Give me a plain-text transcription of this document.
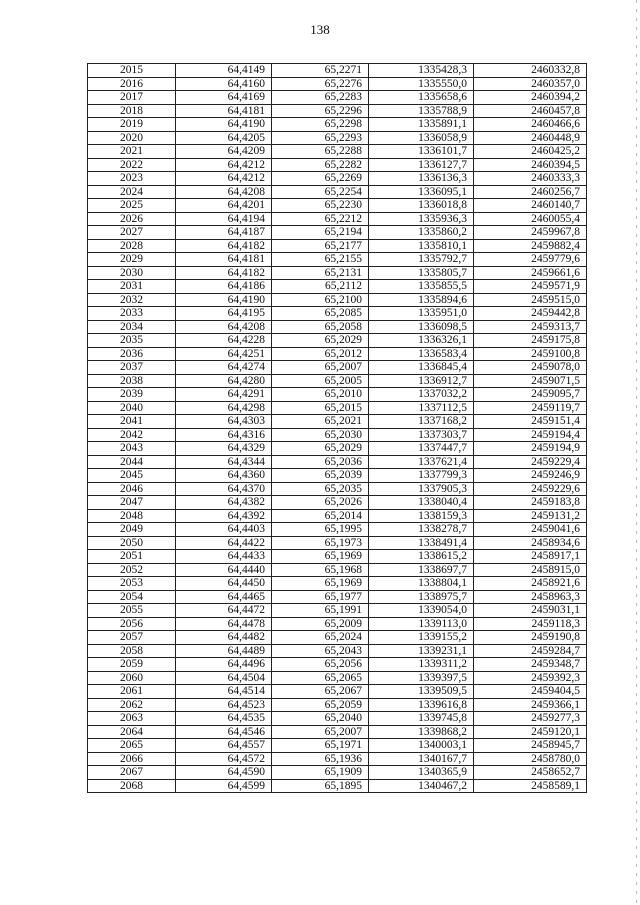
138
2015	64,4149	65,2271	1335428,3	2460332,8
2016	64,4160	65,2276	1335550,0	2460357,0
2017	64,4169	65,2283	1335658,6	2460394,2
2018	64,4181	65,2296	1335788,9	2460457,8
2019	64,4190	65,2298	1335891,1	2460466,6
2020	64,4205	65,2293	1336058,9	2460448,9
2021	64,4209	65,2288	1336101,7	2460425,2
2022	64,4212	65,2282	1336127,7	2460394,5
2023	64,4212	65,2269	1336136,3	2460333,3
2024	64,4208	65,2254	1336095,1	2460256,7
2025	64,4201	65,2230	1336018,8	2460140,7
2026	64,4194	65,2212	1335936,3	2460055,4
2027	64,4187	65,2194	1335860,2	2459967,8
2028	64,4182	65,2177	1335810,1	2459882,4
2029	64,4181	65,2155	1335792,7	2459779,6
2030	64,4182	65,2131	1335805,7	2459661,6
2031	64,4186	65,2112	1335855,5	2459571,9
2032	64,4190	65,2100	1335894,6	2459515,0
2033	64,4195	65,2085	1335951,0	2459442,8
2034	64,4208	65,2058	1336098,5	2459313,7
2035	64,4228	65,2029	1336326,1	2459175,8
2036	64,4251	65,2012	1336583,4	2459100,8
2037	64,4274	65,2007	1336845,4	2459078,0
2038	64,4280	65,2005	1336912,7	2459071,5
2039	64,4291	65,2010	1337032,2	2459095,7
2040	64,4298	65,2015	1337112,5	2459119,7
2041	64,4303	65,2021	1337168,2	2459151,4
2042	64,4316	65,2030	1337303,7	2459194,4
2043	64,4329	65,2029	1337447,7	2459194,9
2044	64,4344	65,2036	1337621,4	2459229,4
2045	64,4360	65,2039	1337799,3	2459246,9
2046	64,4370	65,2035	1337905,3	2459229,6
2047	64,4382	65,2026	1338040,4	2459183,8
2048	64,4392	65,2014	1338159,3	2459131,2
2049	64,4403	65,1995	1338278,7	2459041,6
2050	64,4422	65,1973	1338491,4	2458934,6
2051	64,4433	65,1969	1338615,2	2458917,1
2052	64,4440	65,1968	1338697,7	2458915,0
2053	64,4450	65,1969	1338804,1	2458921,6
2054	64,4465	65,1977	1338975,7	2458963,3
2055	64,4472	65,1991	1339054,0	2459031,1
2056	64,4478	65,2009	1339113,0	2459118,3
2057	64,4482	65,2024	1339155,2	2459190,8
2058	64,4489	65,2043	1339231,1	2459284,7
2059	64,4496	65,2056	1339311,2	2459348,7
2060	64,4504	65,2065	1339397,5	2459392,3
2061	64,4514	65,2067	1339509,5	2459404,5
2062	64,4523	65,2059	1339616,8	2459366,1
2063	64,4535	65,2040	1339745,8	2459277,3
2064	64,4546	65,2007	1339868,2	2459120,1
2065	64,4557	65,1971	1340003,1	2458945,7
2066	64,4572	65,1936	1340167,7	2458780,0
2067	64,4590	65,1909	1340365,9	2458652,7
2068	64,4599	65,1895	1340467,2	2458589,1
